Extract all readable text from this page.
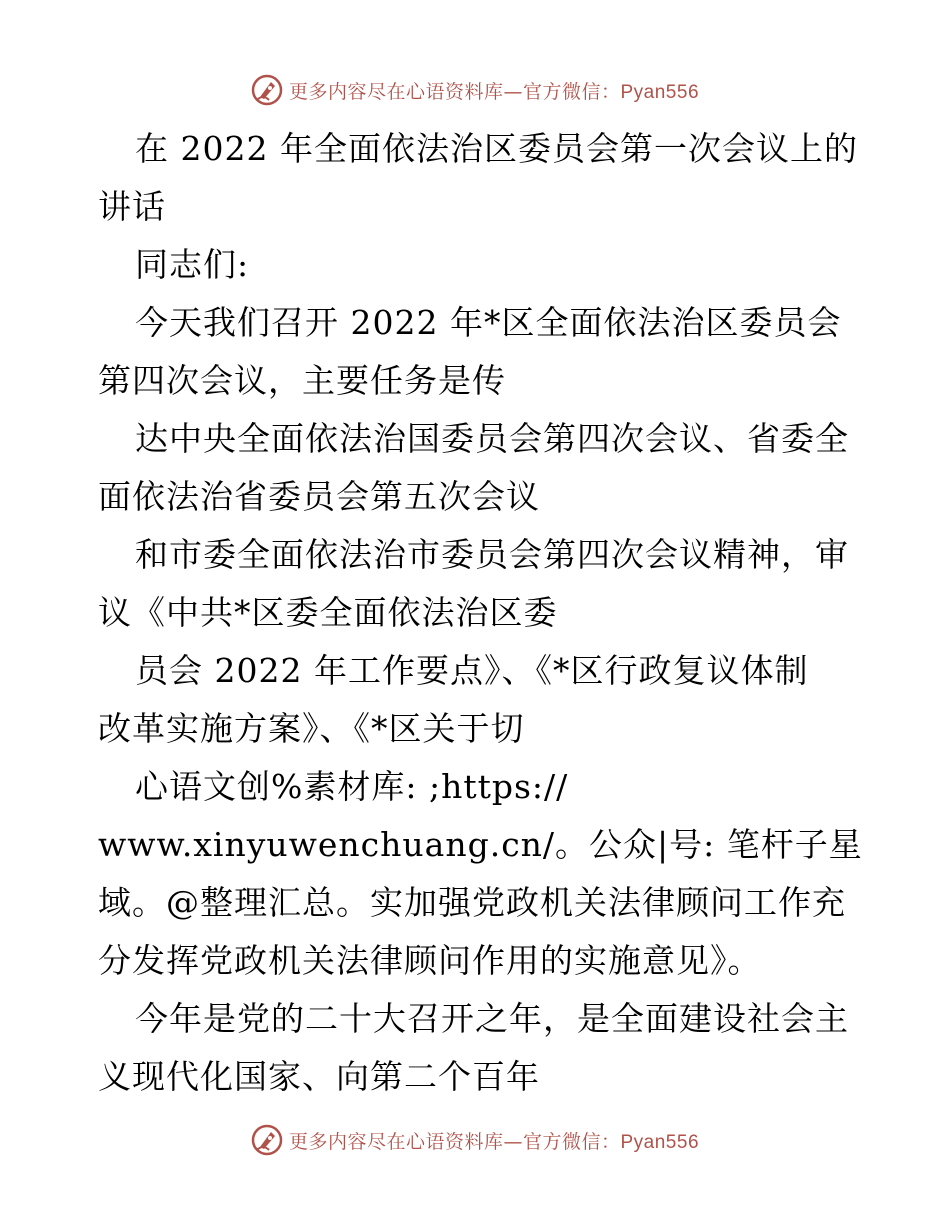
更多内容尽在心语资料库—官方微信：Pyan556
在 2022 年全面依法治区委员会第一次会议上的
讲话
同志们:
今天我们召开 2022 年*区全面依法治区委员会
第四次会议，主要任务是传
达中央全面依法治国委员会第四次会议、省委全
面依法治省委员会第五次会议
和市委全面依法治市委员会第四次会议精神，审
议《中共*区委全面依法治区委
员会 2022 年工作要点》、《*区行政复议体制
改革实施方案》、《*区关于切
心语文创%素材库: ;https://
www.xinyuwenchuang.cn/。公众|号: 笔杆子星
域。@整理汇总。实加强党政机关法律顾问工作充
分发挥党政机关法律顾问作用的实施意见》。
今年是党的二十大召开之年，是全面建设社会主
义现代化国家、向第二个百年
更多内容尽在心语资料库—官方微信：Pyan556
